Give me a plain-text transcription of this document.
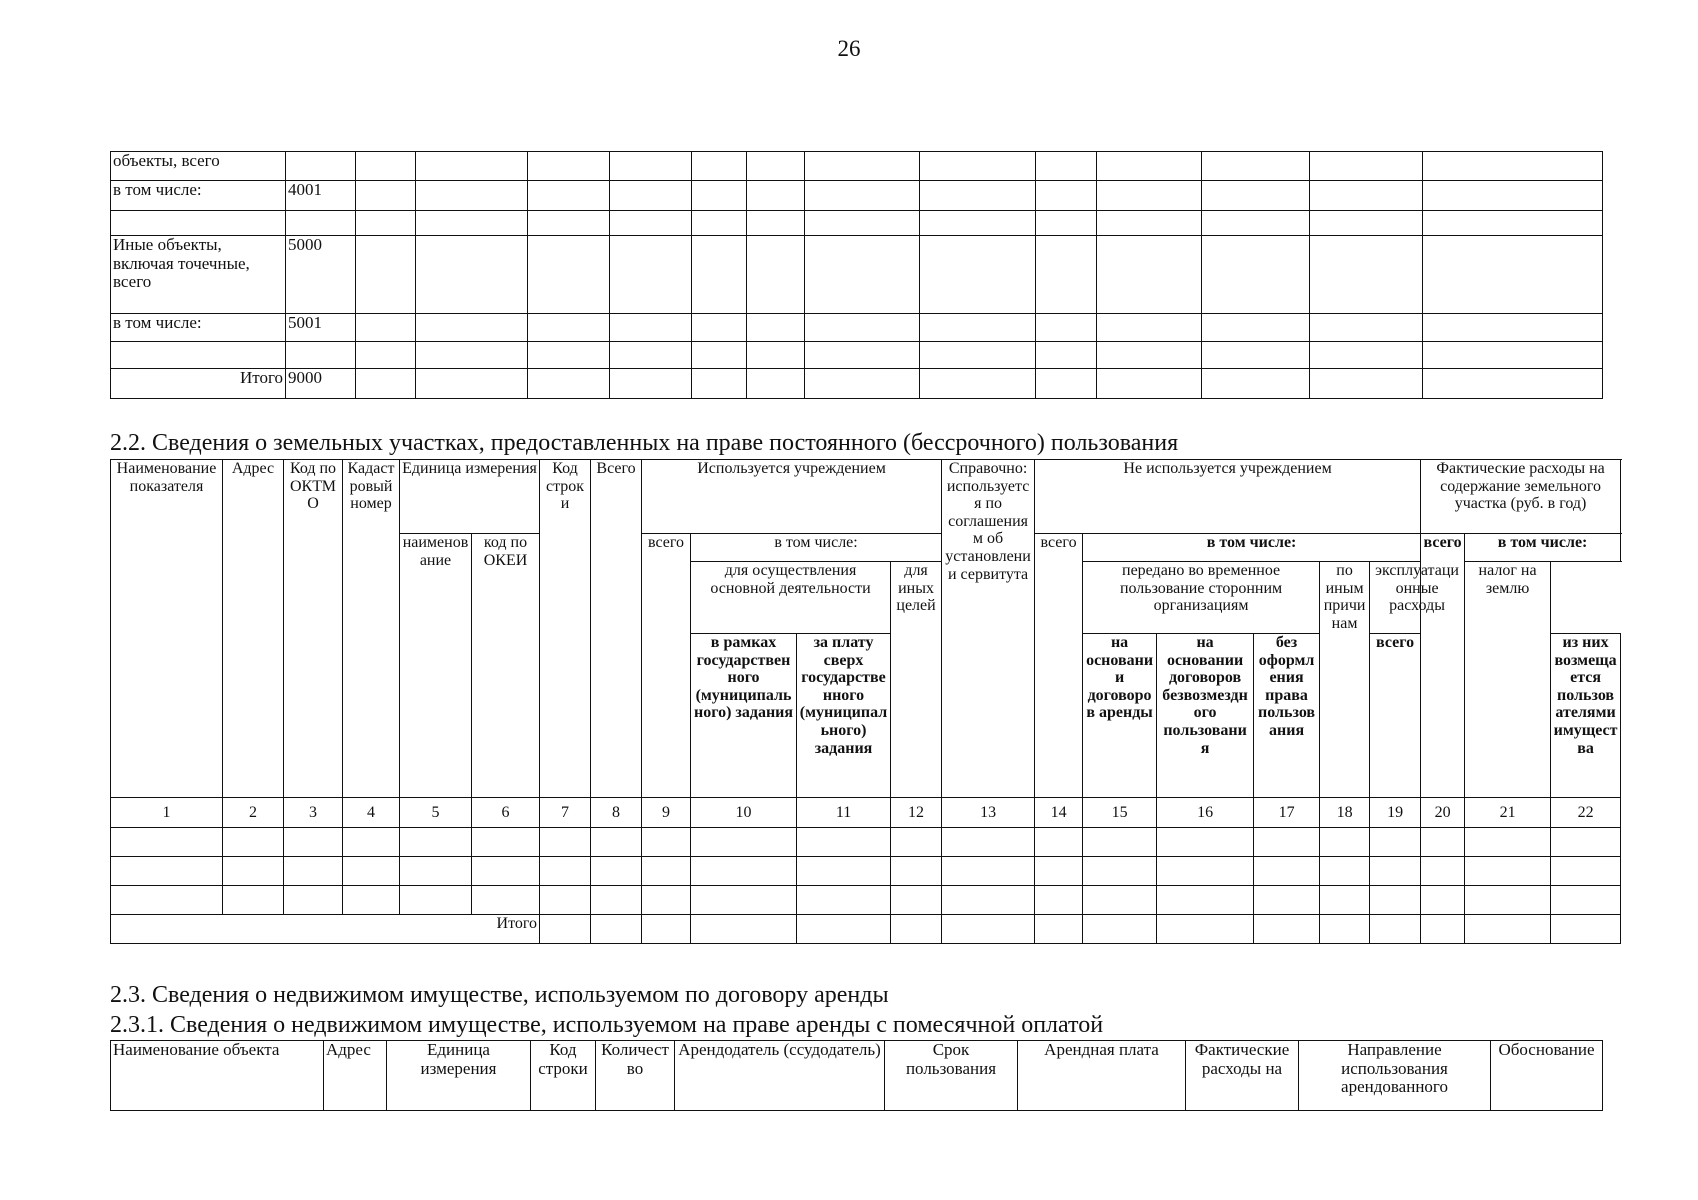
26
объекты, всего														
в том числе:	4001													

Иные объекты, включая точечные, всего	5000													
в том числе:	5001													

Итого	9000													
2.2. Сведения о земельных участках, предоставленных на праве постоянного (бессрочного) пользования
Наименование показателя	Адрес	Код по ОКТМО	Кадастровый номер	Единица измерения		Код строки	Всего	Используется учреждением				Справочно: используется по соглашениям об установлении сервитута	Не используется учреждением						Фактические расходы на содержание земельного участка (руб. в год)		
				наименование	код по ОКЕИ			всего	в том числе:				всего	в том числе:					всего	в том числе:	
									для осуществления основной деятельности		для иных целей			передано во временное пользование сторонним организациям			по иным причинам	эксплуатационные расходы		налог на землю	
									в рамках государственного (муниципального) задания	за плату сверх государственного (муниципального) задания				на основании договоров аренды	на основании договоров безвозмездного пользования	без оформления права пользования		всего			из них возмещается пользователями имущества
1	2	3	4	5	6	7	8	9	10	11	12	13	14	15	16	17	18	19	20	21	22

Итого																					
2.3. Сведения о недвижимом имуществе, используемом по договору аренды
2.3.1. Сведения о недвижимом имуществе, используемом на праве аренды с помесячной оплатой
Наименование объекта	Адрес	Единица измерения	Код строки	Количество	Арендодатель (ссудодатель)	Срок пользования	Арендная плата	Фактические расходы на	Направление использования арендованного	Обоснование
